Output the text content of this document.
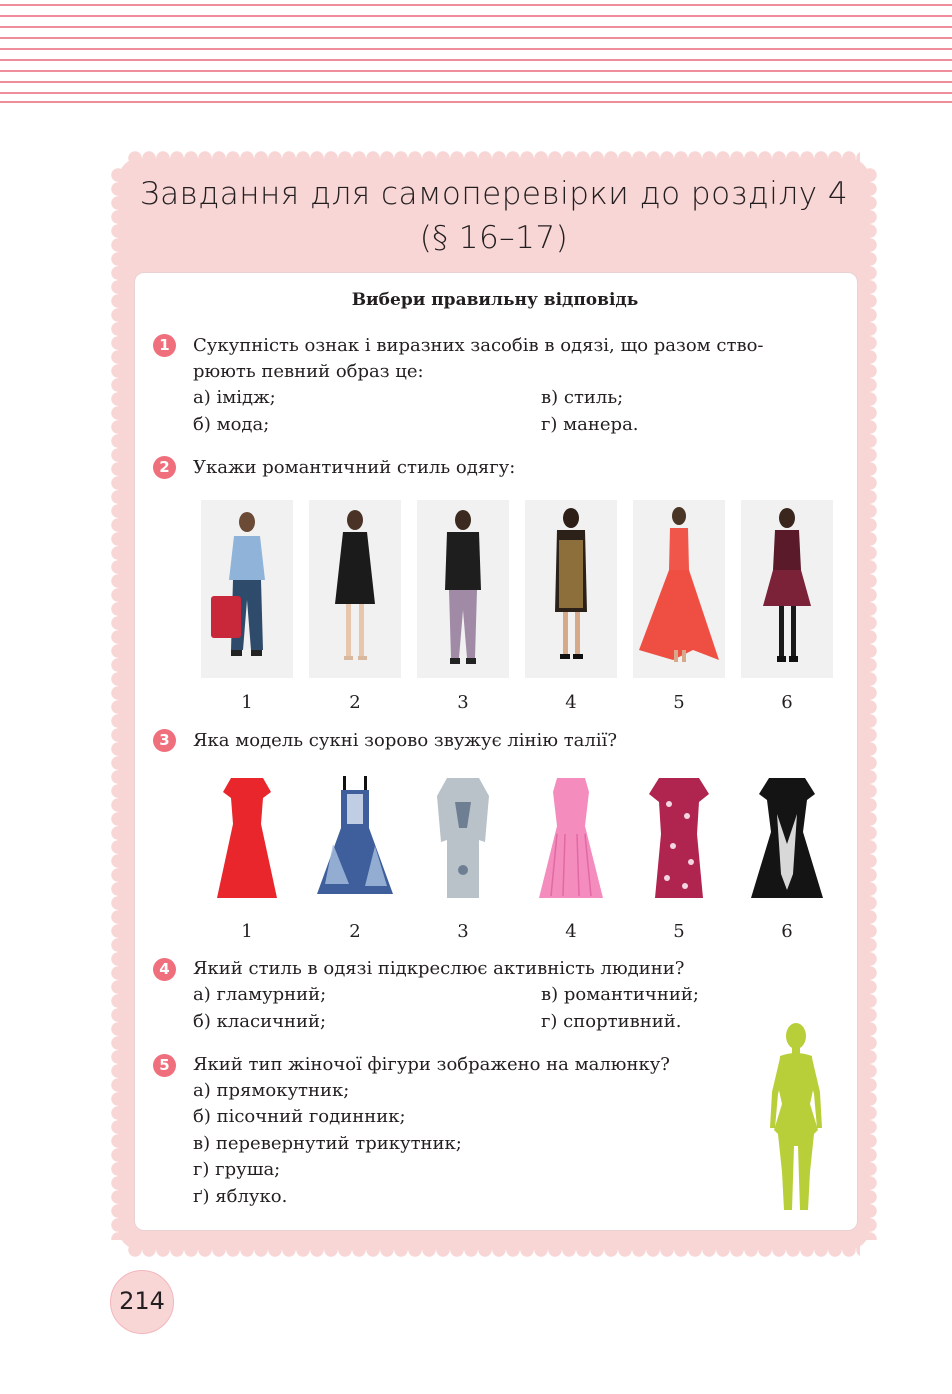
Завдання для самоперевірки до розділу 4
(§ 16–17)
Вибери правильну відповідь
1	Сукупність ознак і виразних засобів в одязі, що разом ство-
рюють певний образ це:
а) імідж;
б) мода;
в) стиль;
г) манера.
2	Укажи романтичний стиль одягу:
1	2	3	4	5	6
3	Яка модель сукні зорово звужує лінію талії?
1	2	3	4	5	6
4	Який стиль в одязі підкреслює активність людини?
а) гламурний;
б) класичний;
в) романтичний;
г) спортивний.
5	Який тип жіночої фігури зображено на малюнку?
а) прямокутник;
б) пісочний годинник;
в) перевернутий трикутник;
г) груша;
ґ) яблуко.
214
